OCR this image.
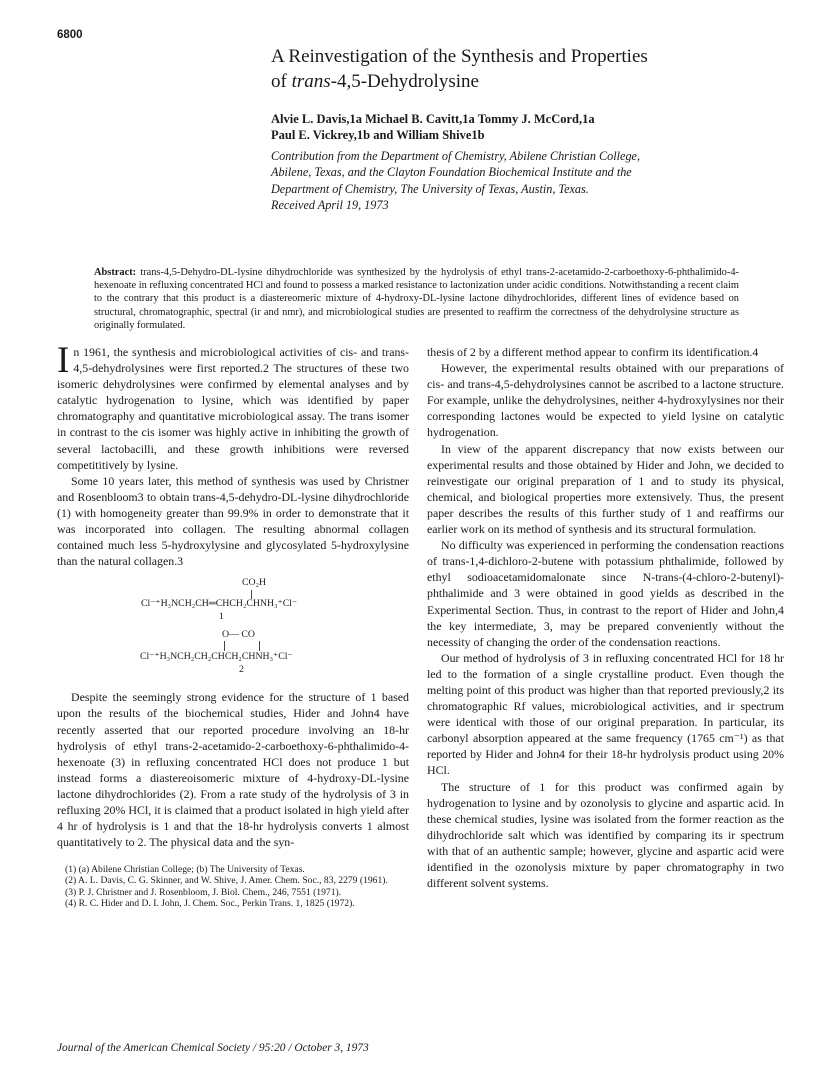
6800
A Reinvestigation of the Synthesis and Properties
of trans-4,5-Dehydrolysine
Alvie L. Davis,1a Michael B. Cavitt,1a Tommy J. McCord,1a
Paul E. Vickrey,1b and William Shive1b
Contribution from the Department of Chemistry, Abilene Christian College,
Abilene, Texas, and the Clayton Foundation Biochemical Institute and the
Department of Chemistry, The University of Texas, Austin, Texas.
Received April 19, 1973
Abstract: trans-4,5-Dehydro-DL-lysine dihydrochloride was synthesized by the hydrolysis of ethyl trans-2-acetamido-2-carboethoxy-6-phthalimido-4-hexenoate in refluxing concentrated HCl and found to possess a marked resistance to lactonization under acidic conditions. Notwithstanding a recent claim to the contrary that this product is a diastereomeric mixture of 4-hydroxy-DL-lysine lactone dihydrochlorides, different lines of evidence based on structural, chromatographic, spectral (ir and nmr), and microbiological studies are presented to reaffirm the correctness of the dehydrolysine structure as originally formulated.

In 1961, the synthesis and microbiological activities of cis- and trans-4,5-dehydrolysines were first reported.2 The structures of these two isomeric dehydrolysines were confirmed by elemental analyses and by catalytic hydrogenation to lysine, which was identified by paper chromatography and quantitative microbiological assay. The trans isomer in contrast to the cis isomer was highly active in inhibiting the growth of several lactobacilli, and these growth inhibitions were reversed competititively by lysine.

Some 10 years later, this method of synthesis was used by Christner and Rosenbloom3 to obtain trans-4,5-dehydro-DL-lysine dihydrochloride (1) with homogeneity greater than 99.9% in order to demonstrate that it was incorporated into collagen. The resulting abnormal collagen contained much less 5-hydroxylysine and glycosylated 5-hydroxylysine than the natural collagen.3

CO₂H
Cl⁻⁺H₃NCH₂CH═CHCH₂CHNH₃⁺Cl⁻
1
O— CO
Cl⁻⁺H₃NCH₂CH₂CHCH₂CHNH₃⁺Cl⁻
2

Despite the seemingly strong evidence for the structure of 1 based upon the results of the biochemical studies, Hider and John4 have recently asserted that our reported procedure involving an 18-hr hydrolysis of ethyl trans-2-acetamido-2-carboethoxy-6-phthalimido-4-hexenoate (3) in refluxing concentrated HCl does not produce 1 but instead forms a diastereoisomeric mixture of 4-hydroxy-DL-lysine lactone dihydrochlorides (2). From a rate study of the hydrolysis of 3 in refluxing 20% HCl, it is claimed that a product isolated in high yield after 4 hr of hydrolysis is 1 and that the 18-hr hydrolysis converts 1 almost quantitatively to 2. The physical data and the syn-

(1) (a) Abilene Christian College; (b) The University of Texas.

(2) A. L. Davis, C. G. Skinner, and W. Shive, J. Amer. Chem. Soc., 83, 2279 (1961).

(3) P. J. Christner and J. Rosenbloom, J. Biol. Chem., 246, 7551 (1971).

(4) R. C. Hider and D. I. John, J. Chem. Soc., Perkin Trans. 1, 1825 (1972).

thesis of 2 by a different method appear to confirm its identification.4

However, the experimental results obtained with our preparations of cis- and trans-4,5-dehydrolysines cannot be ascribed to a lactone structure. For example, unlike the dehydrolysines, neither 4-hydroxylysines nor their corresponding lactones would be expected to yield lysine on catalytic hydrogenation.

In view of the apparent discrepancy that now exists between our experimental results and those obtained by Hider and John, we decided to reinvestigate our original preparation of 1 and to study its physical, chemical, and biological properties more extensively. Thus, the present paper describes the results of this further study of 1 and reaffirms our earlier work on its method of synthesis and its structural formulation.

No difficulty was experienced in performing the condensation reactions of trans-1,4-dichloro-2-butene with potassium phthalimide, followed by ethyl sodioacetamidomalonate since N-trans-(4-chloro-2-butenyl)-phthalimide and 3 were obtained in good yields as described in the Experimental Section. Thus, in contrast to the report of Hider and John,4 the key intermediate, 3, may be prepared conveniently without the necessity of changing the order of the condensation reactions.

Our method of hydrolysis of 3 in refluxing concentrated HCl for 18 hr led to the formation of a single crystalline product. Even though the melting point of this product was higher than that reported previously,2 its chromatographic Rf values, microbiological activities, and ir spectrum were identical with those of our original preparation. In particular, its carbonyl absorption appeared at the same frequency (1765 cm⁻¹) as that reported by Hider and John4 for their 18-hr hydrolysis product using 20% HCl.

The structure of 1 for this product was confirmed again by hydrogenation to lysine and by ozonolysis to glycine and aspartic acid. In these chemical studies, lysine was isolated from the former reaction as the dihydrochloride salt which was identified by comparing its ir spectrum with that of an authentic sample; however, glycine and aspartic acid were identified in the ozonolysis mixture by paper chromatography in two different solvent systems.

Journal of the American Chemical Society / 95:20 / October 3, 1973
